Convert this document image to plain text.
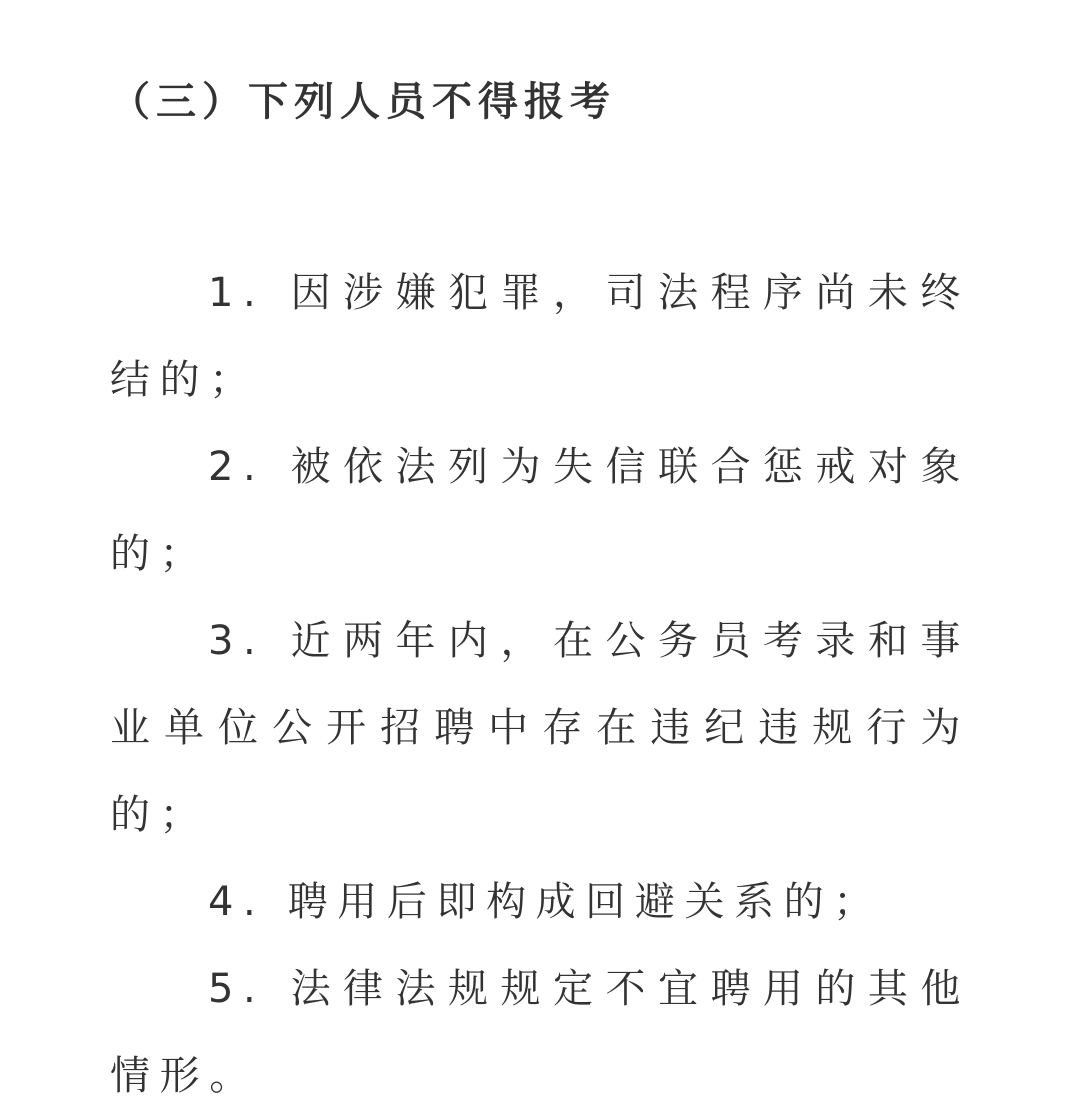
（三）下列人员不得报考

1. 因涉嫌犯罪，司法程序尚未终结的；

2. 被依法列为失信联合惩戒对象的；

3. 近两年内，在公务员考录和事业单位公开招聘中存在违纪违规行为的；

4. 聘用后即构成回避关系的；

5. 法律法规规定不宜聘用的其他情形。
